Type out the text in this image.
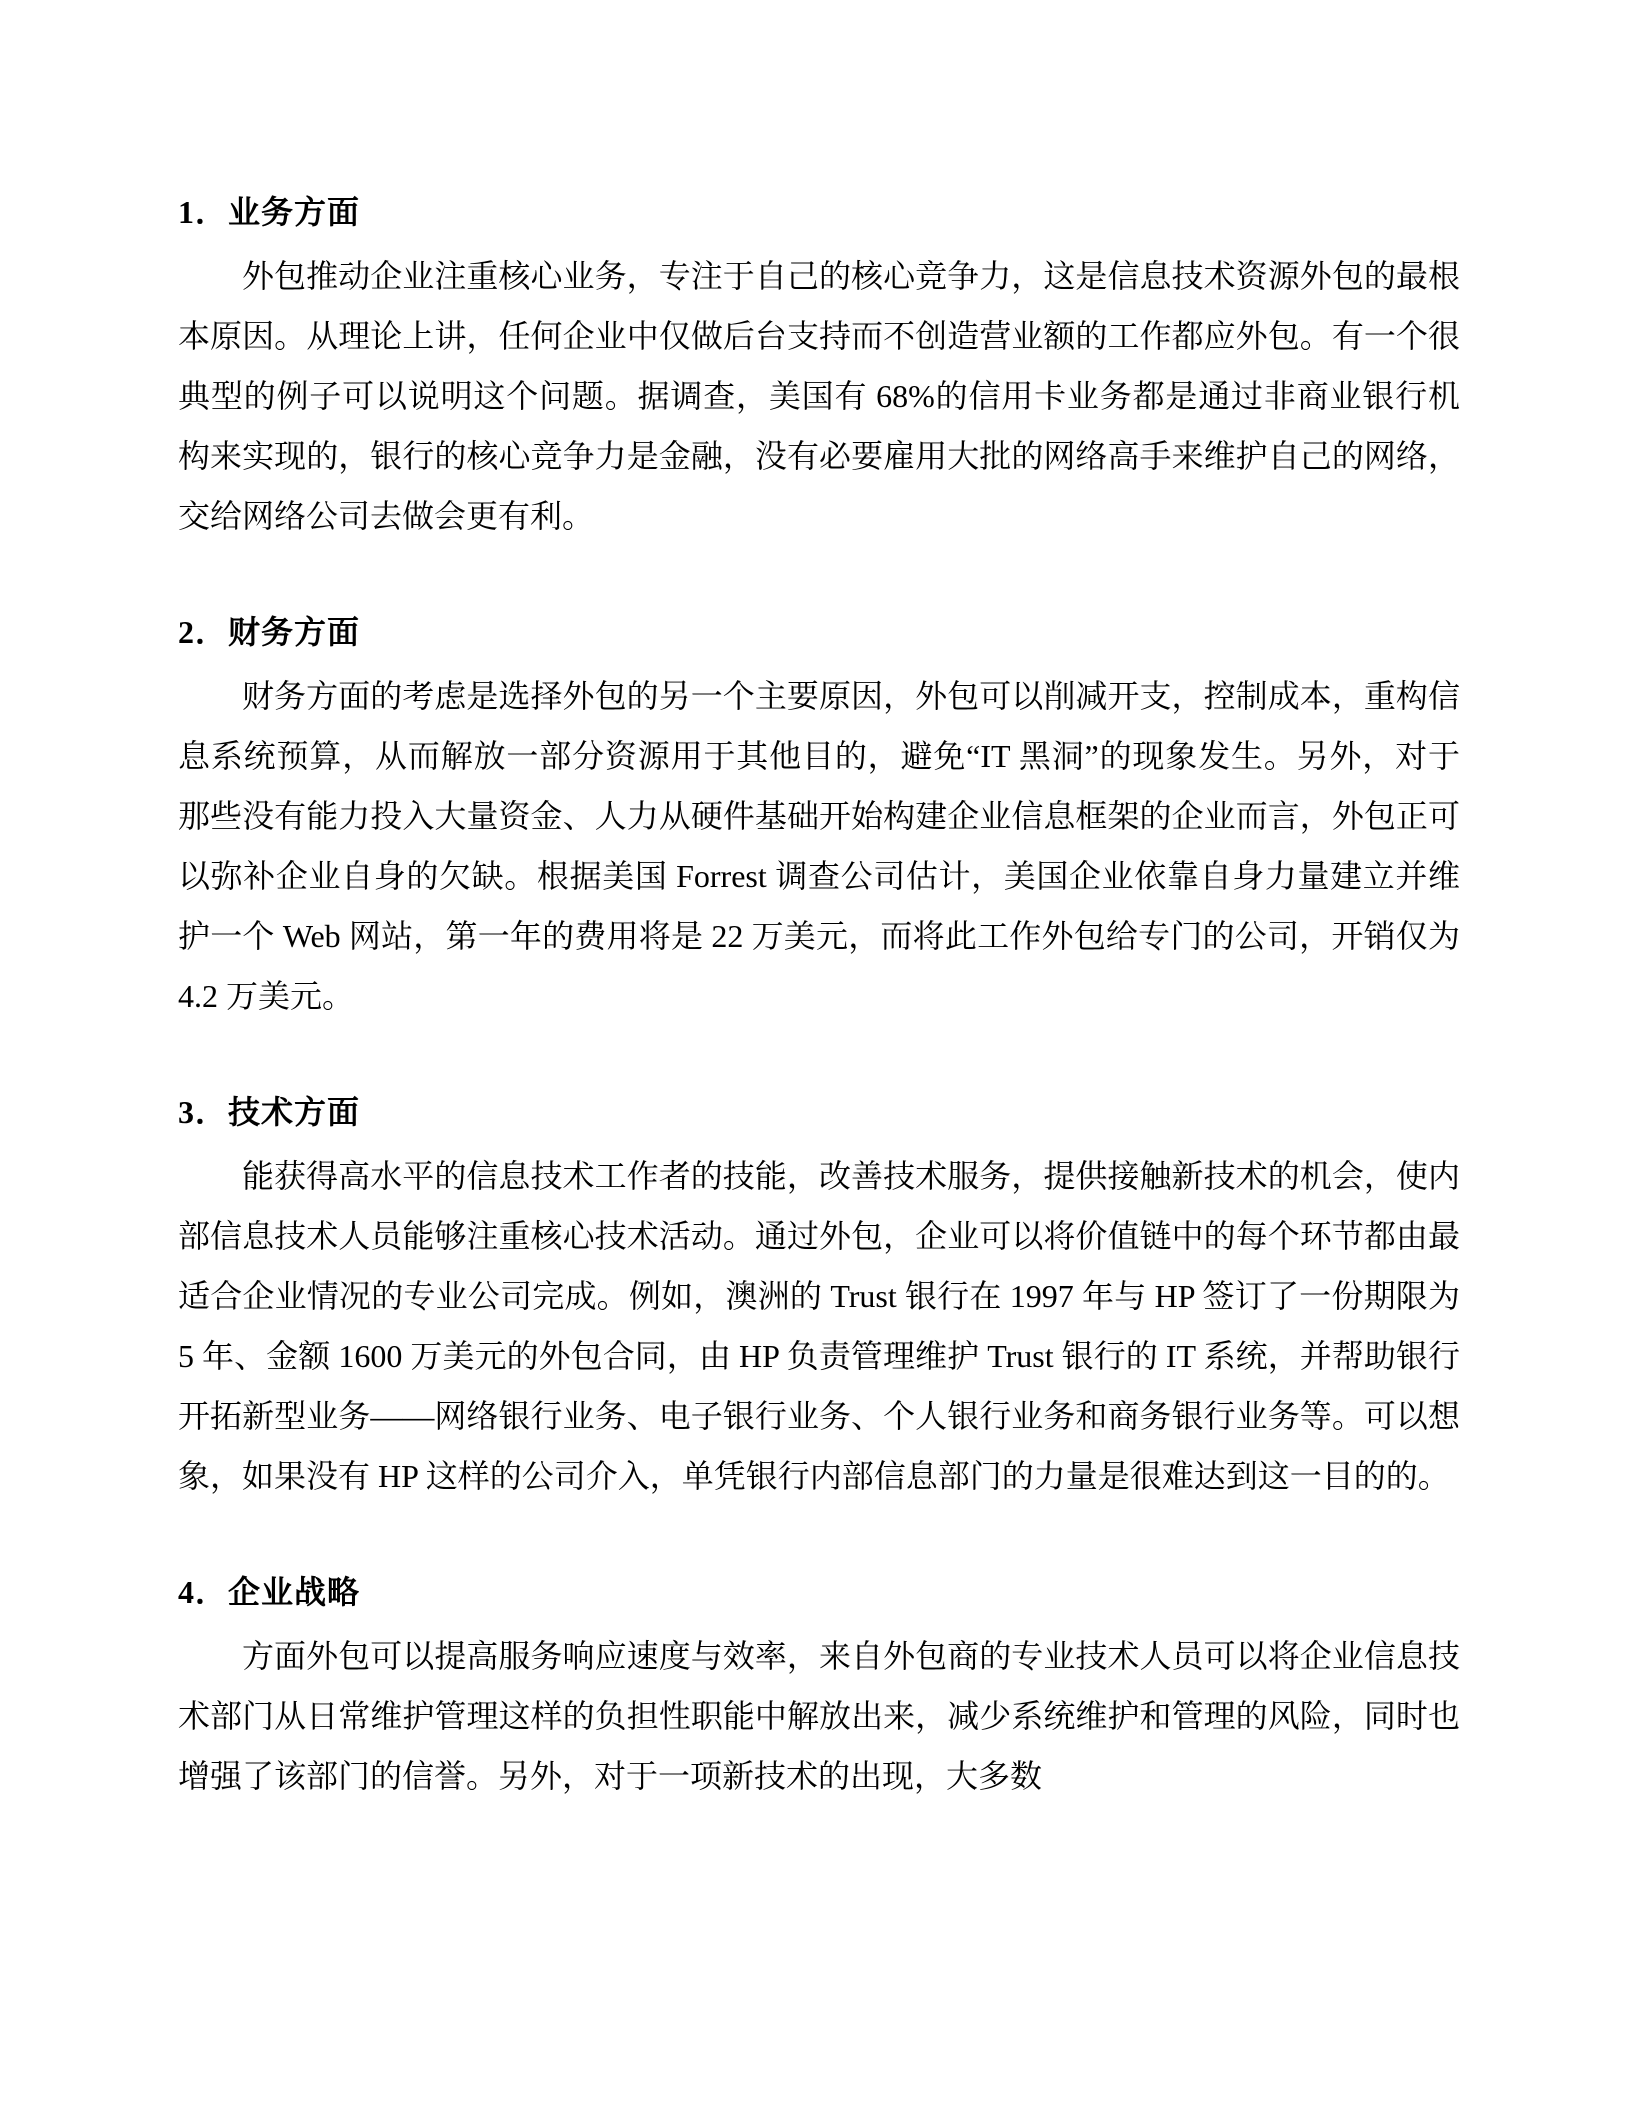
1．业务方面

外包推动企业注重核心业务，专注于自己的核心竞争力，这是信息技术资源外包的最根本原因。从理论上讲，任何企业中仅做后台支持而不创造营业额的工作都应外包。有一个很典型的例子可以说明这个问题。据调查，美国有 68%的信用卡业务都是通过非商业银行机构来实现的，银行的核心竞争力是金融，没有必要雇用大批的网络高手来维护自己的网络，交给网络公司去做会更有利。

2．财务方面

财务方面的考虑是选择外包的另一个主要原因，外包可以削减开支，控制成本，重构信息系统预算，从而解放一部分资源用于其他目的，避免“IT 黑洞”的现象发生。另外，对于那些没有能力投入大量资金、人力从硬件基础开始构建企业信息框架的企业而言，外包正可以弥补企业自身的欠缺。根据美国 Forrest 调查公司估计，美国企业依靠自身力量建立并维护一个 Web 网站，第一年的费用将是 22 万美元，而将此工作外包给专门的公司，开销仅为 4.2 万美元。

3．技术方面

能获得高水平的信息技术工作者的技能，改善技术服务，提供接触新技术的机会，使内部信息技术人员能够注重核心技术活动。通过外包，企业可以将价值链中的每个环节都由最适合企业情况的专业公司完成。例如，澳洲的 Trust 银行在 1997 年与 HP 签订了一份期限为 5 年、金额 1600 万美元的外包合同，由 HP 负责管理维护 Trust 银行的 IT 系统，并帮助银行开拓新型业务——网络银行业务、电子银行业务、个人银行业务和商务银行业务等。可以想象，如果没有 HP 这样的公司介入，单凭银行内部信息部门的力量是很难达到这一目的的。

4．企业战略

方面外包可以提高服务响应速度与效率，来自外包商的专业技术人员可以将企业信息技术部门从日常维护管理这样的负担性职能中解放出来，减少系统维护和管理的风险，同时也增强了该部门的信誉。另外，对于一项新技术的出现，大多数
